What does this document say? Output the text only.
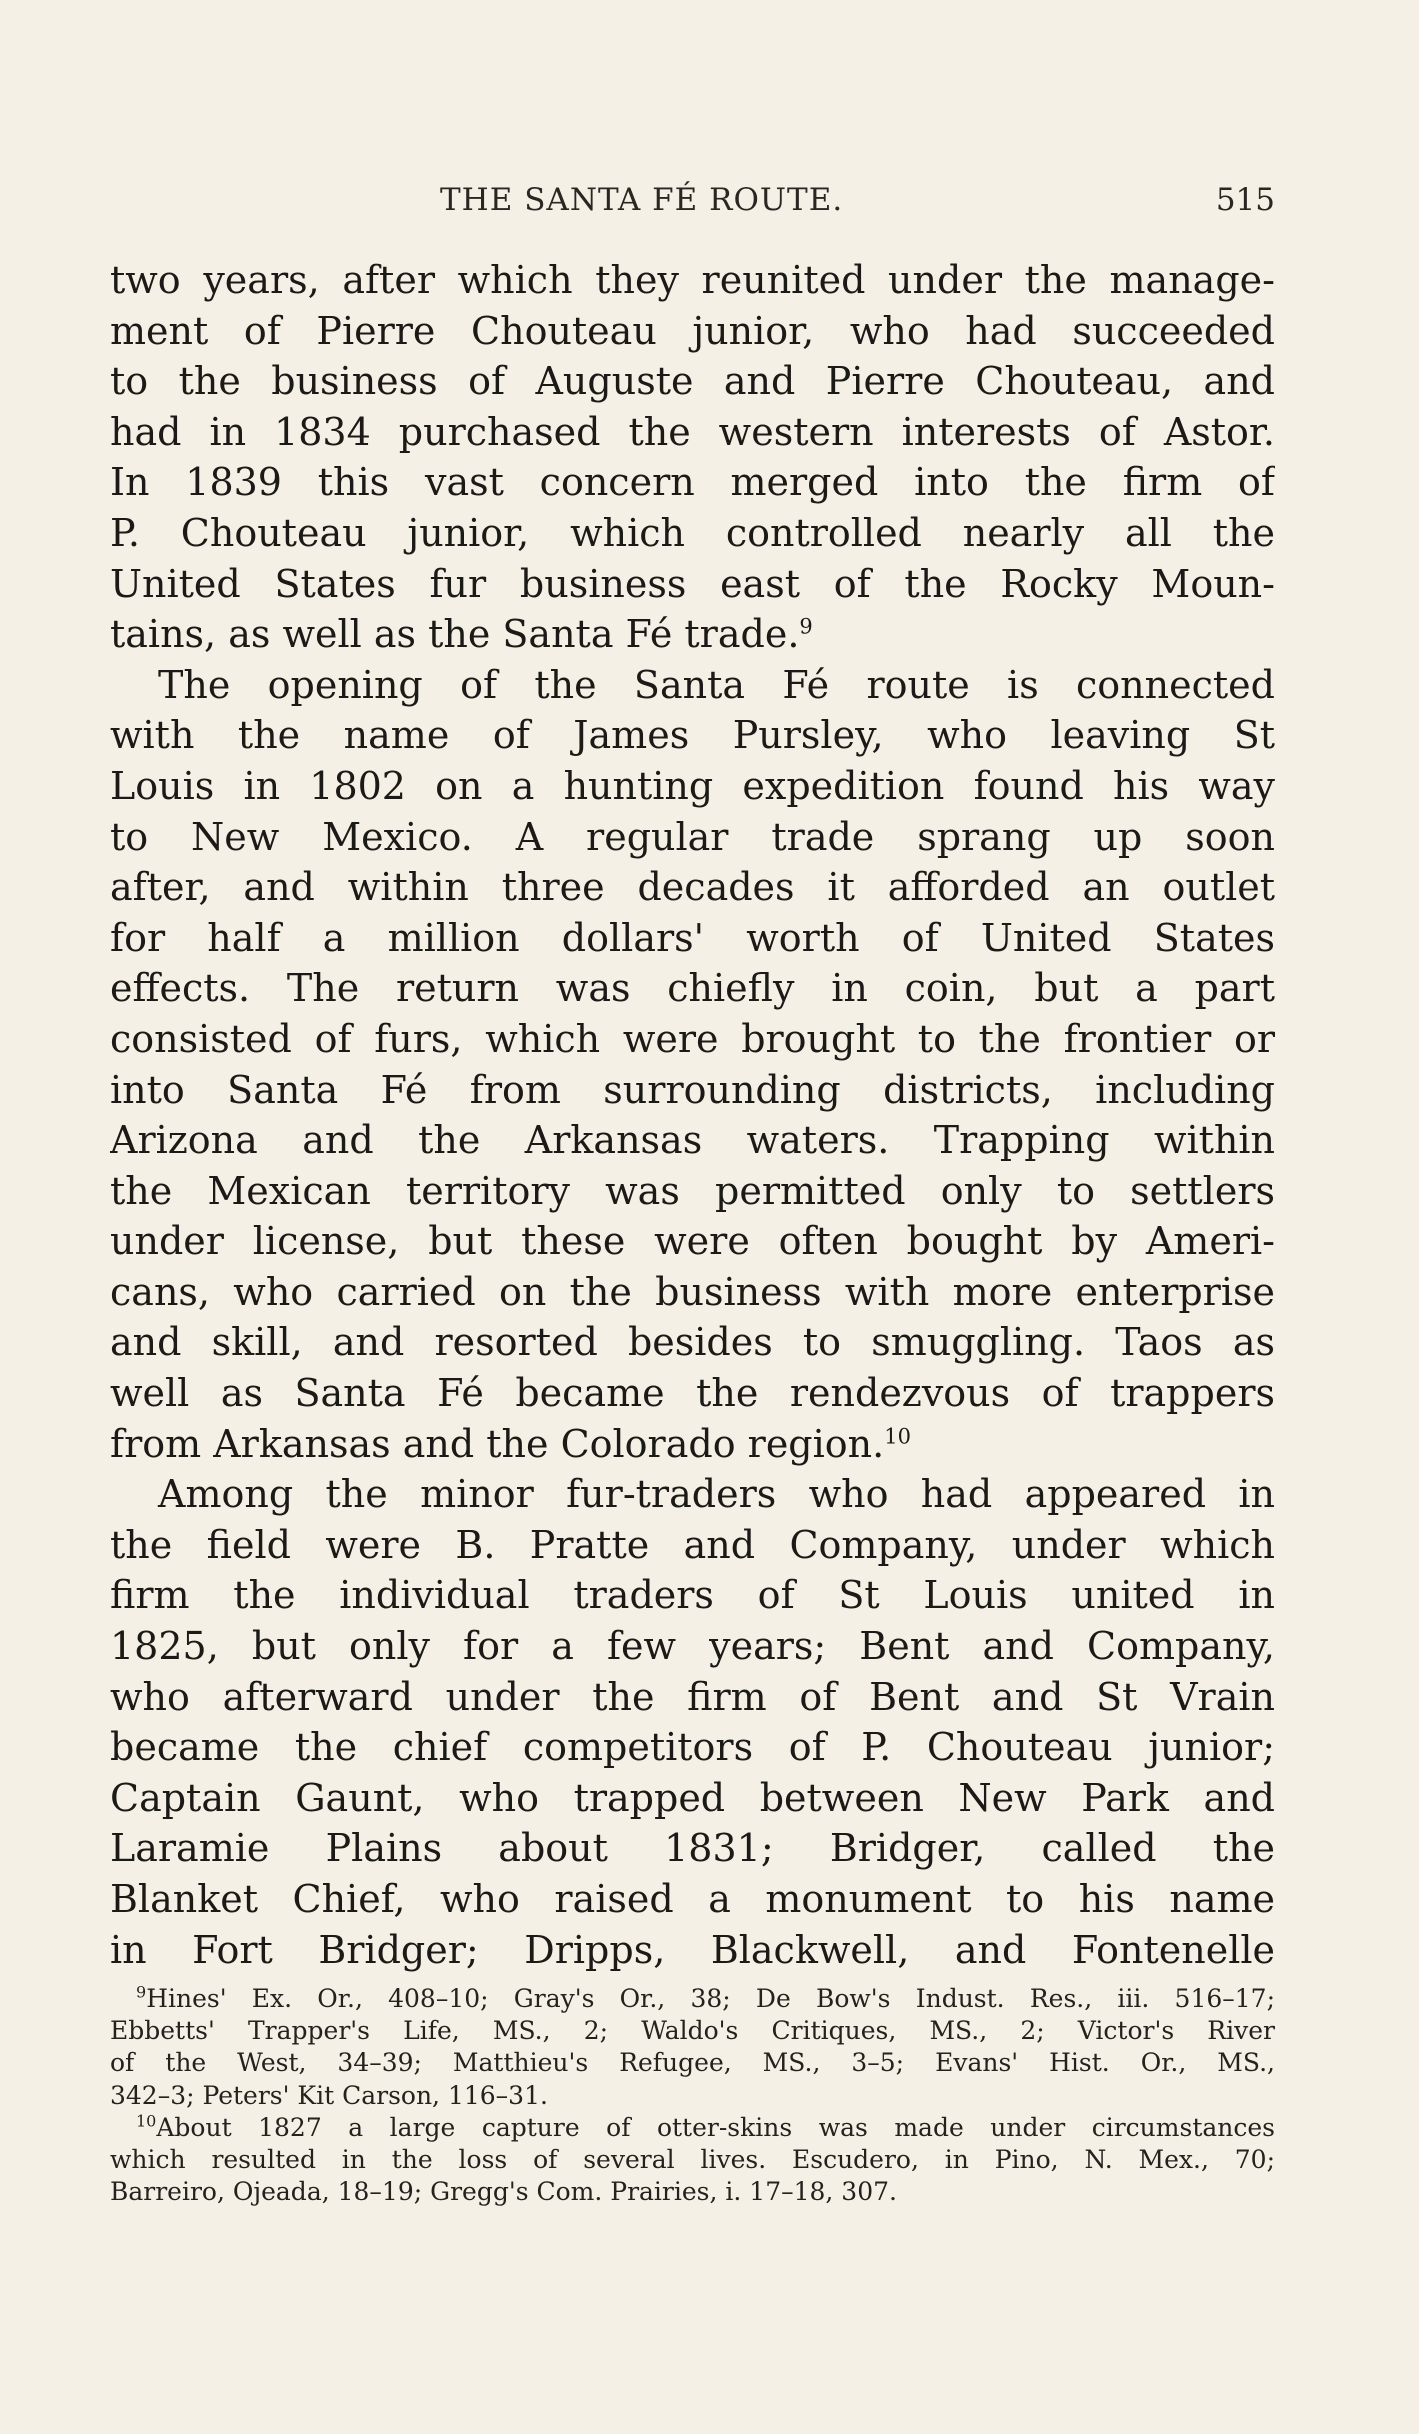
THE SANTA FÉ ROUTE.	515
two years, after which they reunited under the manage-
ment of Pierre Chouteau junior, who had succeeded
to the business of Auguste and Pierre Chouteau, and
had in 1834 purchased the western interests of Astor.
In 1839 this vast concern merged into the firm of
P. Chouteau junior, which controlled nearly all the
United States fur business east of the Rocky Moun-
tains, as well as the Santa Fé trade.$^9$
The opening of the Santa Fé route is connected
with the name of James Pursley, who leaving St
Louis in 1802 on a hunting expedition found his way
to New Mexico. A regular trade sprang up soon
after, and within three decades it afforded an outlet
for half a million dollars' worth of United States
effects. The return was chiefly in coin, but a part
consisted of furs, which were brought to the frontier or
into Santa Fé from surrounding districts, including
Arizona and the Arkansas waters. Trapping within
the Mexican territory was permitted only to settlers
under license, but these were often bought by Ameri-
cans, who carried on the business with more enterprise
and skill, and resorted besides to smuggling. Taos as
well as Santa Fé became the rendezvous of trappers
from Arkansas and the Colorado region.$^{10}$
Among the minor fur-traders who had appeared in
the field were B. Pratte and Company, under which
firm the individual traders of St Louis united in
1825, but only for a few years; Bent and Company,
who afterward under the firm of Bent and St Vrain
became the chief competitors of P. Chouteau junior;
Captain Gaunt, who trapped between New Park and
Laramie Plains about 1831; Bridger, called the
Blanket Chief, who raised a monument to his name
in Fort Bridger; Dripps, Blackwell, and Fontenelle
$^9$Hines' Ex. Or., 408–10; Gray's Or., 38; De Bow's Indust. Res., iii. 516–17;
Ebbetts' Trapper's Life, MS., 2; Waldo's Critiques, MS., 2; Victor's River
of the West, 34–39; Matthieu's Refugee, MS., 3–5; Evans' Hist. Or., MS.,
342–3; Peters' Kit Carson, 116–31.
$^{10}$About 1827 a large capture of otter-skins was made under circumstances
which resulted in the loss of several lives. Escudero, in Pino, N. Mex., 70;
Barreiro, Ojeada, 18–19; Gregg's Com. Prairies, i. 17–18, 307.
